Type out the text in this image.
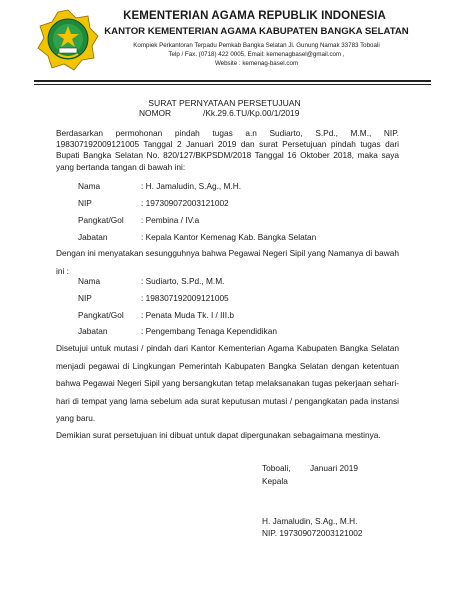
KEMENTERIAN AGAMA REPUBLIK INDONESIA
KANTOR KEMENTERIAN AGAMA KABUPATEN BANGKA SELATAN
Kompiek Perkantoran Terpadu Pemkab Bangka Selatan Jl. Gunung Namak 33783 Toboali
Telp / Fax. (0718) 422 0005, Email: kemenagbasel@gmail.com ,
Website : kemenag-basel.com
SURAT PERNYATAAN PERSETUJUAN
NOMOR	/Kk.29.6.TU/Kp.00/1/2019
Berdasarkan permohonan pindah tugas a.n Sudiarto, S.Pd., M.M., NIP. 198307192009121005 Tanggal 2 Januari 2019 dan surat Persetujuan pindah tugas dari Bupati Bangka Selatan No. 820/127/BKPSDM/2018 Tanggal 16 Oktober 2018, maka saya yang bertanda tangan di bawah ini:
Nama	: H. Jamaludin, S.Ag., M.H.
NIP	: 197309072003121002
Pangkat/Gol : Pembina / IV.a
Jabatan	: Kepala Kantor Kemenag Kab. Bangka Selatan
Dengan ini menyatakan sesungguhnya bahwa Pegawai Negeri Sipil yang Namanya di bawah ini :
Nama	: Sudiarto, S.Pd., M.M.
NIP	: 198307192009121005
Pangkat/Gol : Penata Muda Tk. I / III.b
Jabatan	: Pengembang Tenaga Kependidikan
Disetujui untuk mutasi / pindah dari Kantor Kementerian Agama Kabupaten Bangka Selatan menjadi pegawai di Lingkungan Pemerintah Kabupaten Bangka Selatan dengan ketentuan bahwa Pegawai Negeri Sipil yang bersangkutan tetap melaksanakan tugas pekerjaan sehari-hari di tempat yang lama sebelum ada surat keputusan mutasi / pengangkatan pada instansi yang baru.
Demikian surat persetujuan ini dibuat untuk dapat dipergunakan sebagaimana mestinya.
Toboali, Januari 2019
Kepala
H. Jamaludin, S.Ag., M.H.
NIP. 197309072003121002
